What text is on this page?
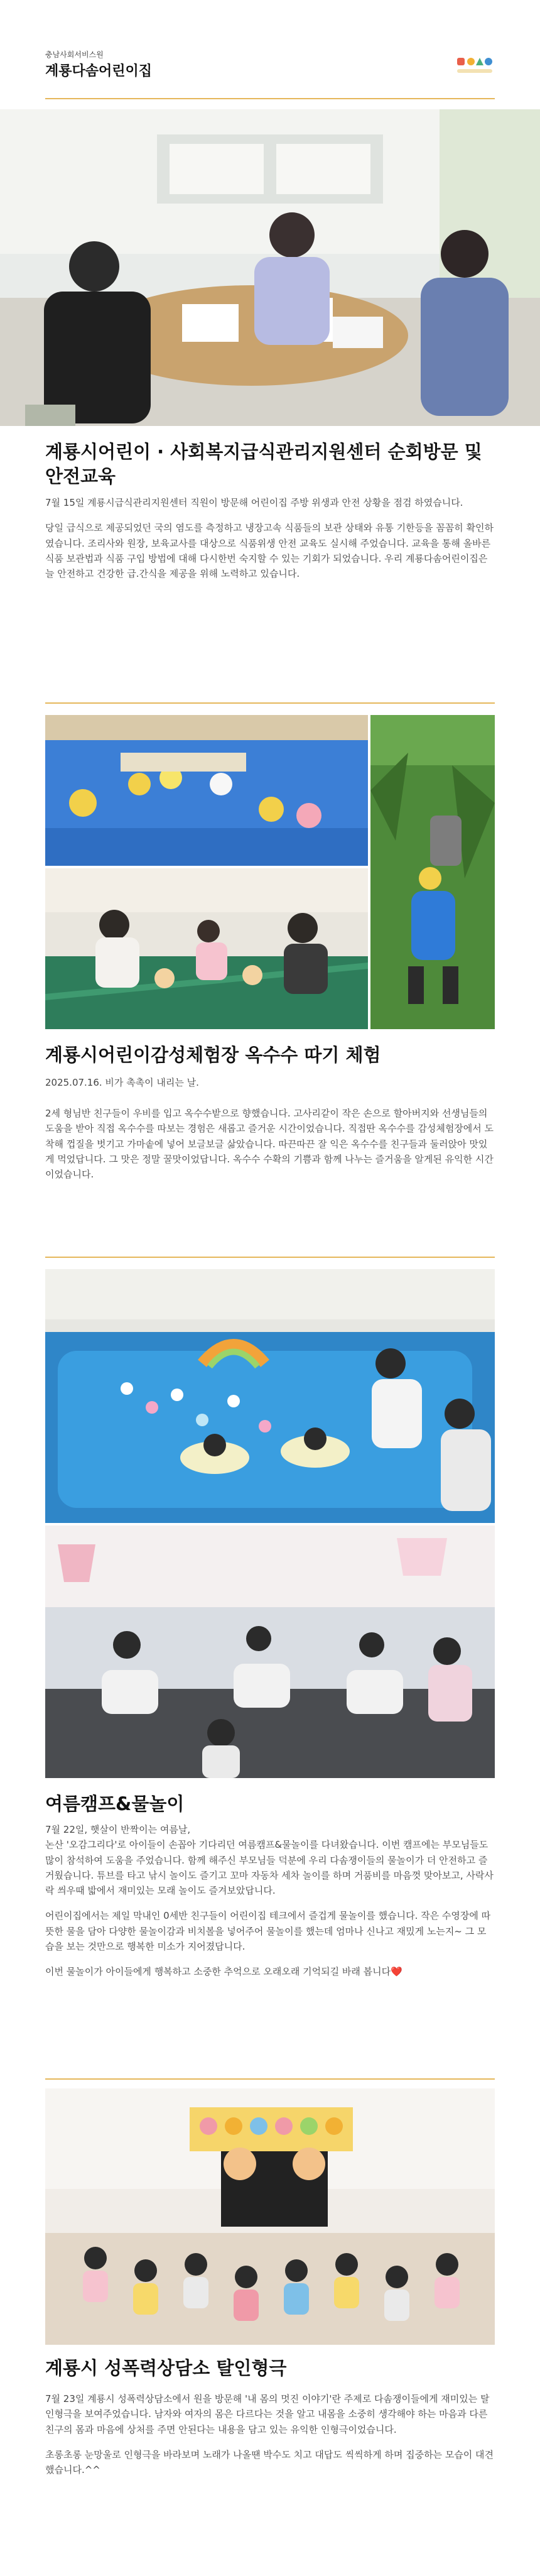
충남사회서비스원
계룡다솜어린이집
계룡시어린이 · 사회복지급식관리지원센터 순회방문 및 안전교육

7월 15일 계룡시급식관리지원센터 직원이 방문해 어린이집 주방 위생과 안전 상황을 점검 하였습니다.

당일 급식으로 제공되었던 국의 염도를 측정하고 냉장고속 식품들의 보관 상태와 유통 기한등을 꼼꼼히 확인하였습니다. 조리사와 원장, 보육교사를 대상으로 식품위생 안전 교육도 실시해 주었습니다. 교육을 통해 올바른 식품 보관법과 식품 구입 방법에 대해 다시한번 숙지할 수 있는 기회가 되었습니다. 우리 계룡다솜어린이집은 늘 안전하고 건강한 급.간식을 제공을 위해 노력하고 있습니다.

계룡시어린이감성체험장 옥수수 따기 체험
2025.07.16. 비가 촉촉이 내리는 날.

2세 형님반 친구들이 우비를 입고 옥수수밭으로 향했습니다. 고사리같이 작은 손으로 할아버지와 선생님들의 도움을 받아 직접 옥수수를 따보는 경험은 새롭고 즐거운 시간이었습니다. 직접딴 옥수수를 감성체험장에서 도착해 껍질을 벗기고 가마솥에 넣어 보글보글 삶았습니다. 따끈따끈 잘 익은 옥수수를 친구들과 둘러앉아 맛있게 먹었답니다. 그 맛은 정말 꿀맛이었답니다. 옥수수 수확의 기쁨과 함께 나누는 즐거움을 알게된 유익한 시간이었습니다.

여름캠프&물놀이

7월 22일, 햇살이 반짝이는 여름날,
논산 '오감그리다'로 아이들이 손꼽아 기다리던 여름캠프&물놀이를 다녀왔습니다. 이번 캠프에는 부모님들도 많이 참석하여 도움을 주었습니다. 함께 해주신 부모님들 덕분에 우리 다솜쟁이들의 물놀이가 더 안전하고 즐거웠습니다. 튜브를 타고 낚시 놀이도 즐기고 꼬마 자동차 세차 놀이를 하며 거품비를 마음껏 맞아보고, 사락사락 씌우때 밟에서 재미있는 모래 놀이도 즐겨보았답니다.

어린이집에서는 제일 막내인 0세반 친구들이 어린이집 테크에서 즐겁게 물놀이를 했습니다. 작은 수영장에 따뜻한 물을 담아 다양한 물놀이감과 비치볼을 넣어주어 물놀이를 했는데 엄마나 신나고 재밌게 노는지~ 그 모습을 보는 것만으로 행복한 미소가 지어졌답니다.

이번 물놀이가 아이들에게 행복하고 소중한 추억으로 오래오래 기억되길 바래 봅니다❤️

계룡시 성폭력상담소 탈인형극

7월 23일 계룡시 성폭력상담소에서 원을 방문해 '내 몸의 멋진 이야기'란 주제로 다솜쟁이들에게 재미있는 탈인형극을 보여주었습니다. 남자와 여자의 몸은 다르다는 것을 알고 내몸을 소중히 생각해야 하는 마음과 다른 친구의 몸과 마음에 상처를 주면 안된다는 내용을 담고 있는 유익한 인형극이었습니다.

초롱초롱 눈망울로 인형극을 바라보며 노래가 나올땐 박수도 치고 대답도 씩씩하게 하며 집중하는 모습이 대견했습니다.^^
